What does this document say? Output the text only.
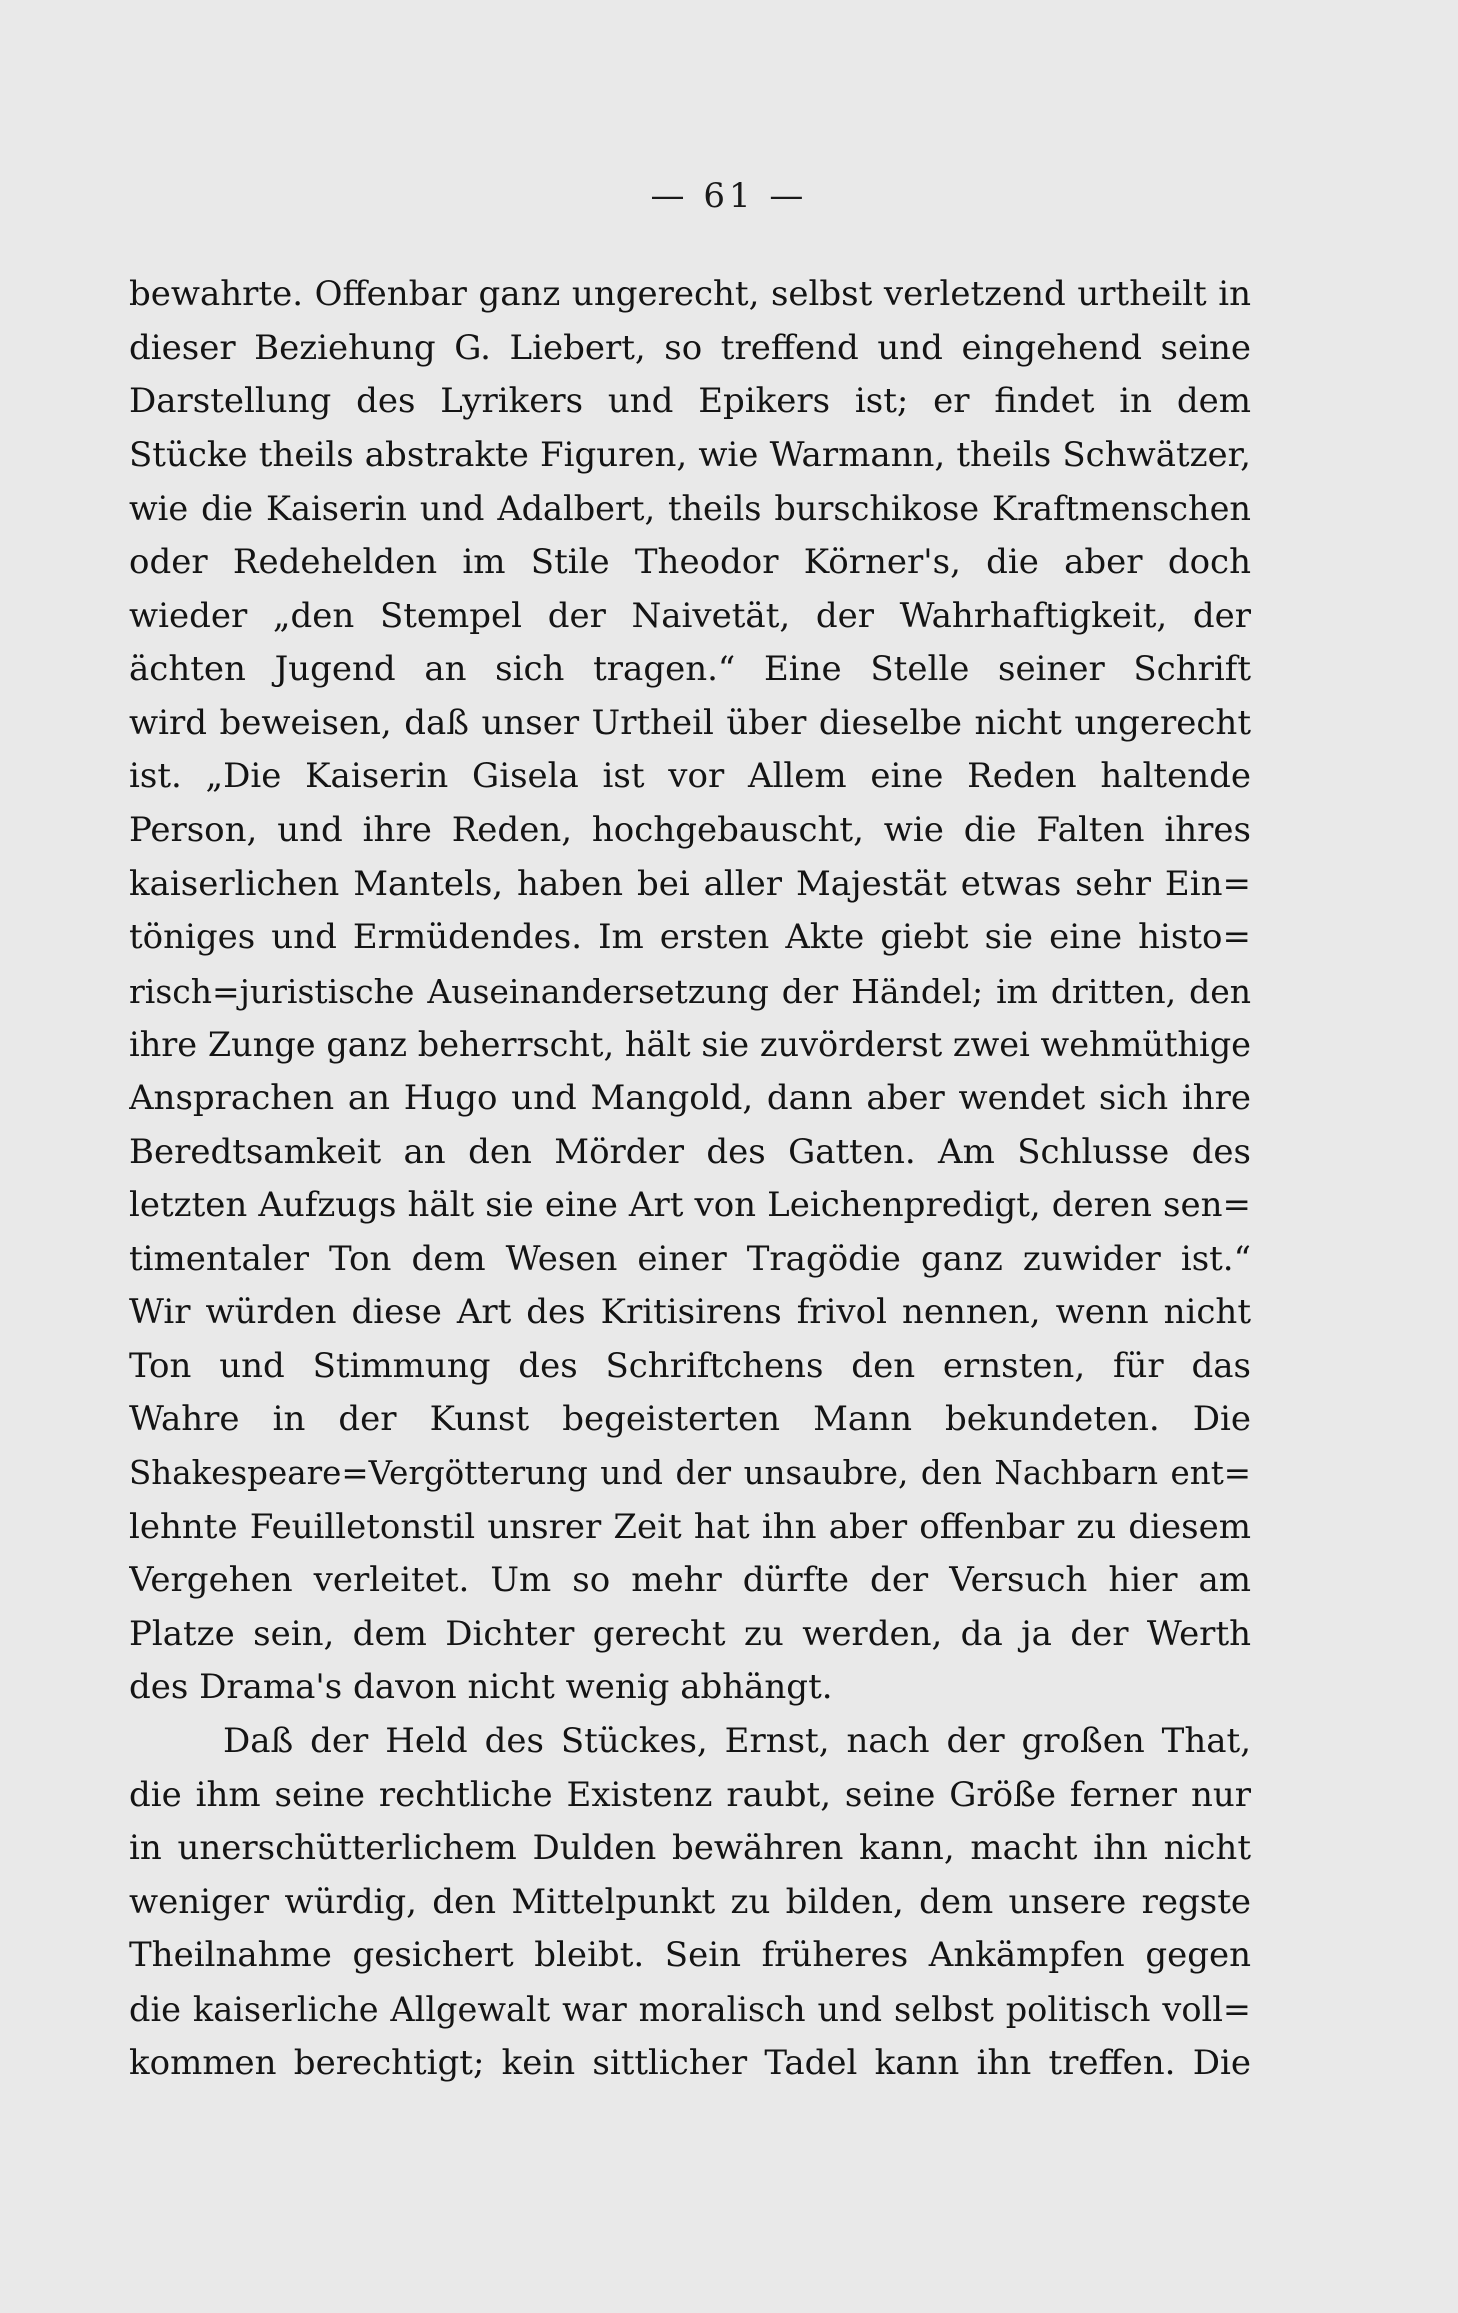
— 61 —
bewahrte. Offenbar ganz ungerecht, selbst verletzend urtheilt in
dieser Beziehung G. Liebert, so treffend und eingehend seine
Darstellung des Lyrikers und Epikers ist; er findet in dem
Stücke theils abstrakte Figuren, wie Warmann, theils Schwätzer,
wie die Kaiserin und Adalbert, theils burschikose Kraftmenschen
oder Redehelden im Stile Theodor Körner's, die aber doch
wieder „den Stempel der Naivetät, der Wahrhaftigkeit, der
ächten Jugend an sich tragen.“ Eine Stelle seiner Schrift
wird beweisen, daß unser Urtheil über dieselbe nicht ungerecht
ist. „Die Kaiserin Gisela ist vor Allem eine Reden haltende
Person, und ihre Reden, hochgebauscht, wie die Falten ihres
kaiserlichen Mantels, haben bei aller Majestät etwas sehr Ein=
töniges und Ermüdendes. Im ersten Akte giebt sie eine histo=
risch=juristische Auseinandersetzung der Händel; im dritten, den
ihre Zunge ganz beherrscht, hält sie zuvörderst zwei wehmüthige
Ansprachen an Hugo und Mangold, dann aber wendet sich ihre
Beredtsamkeit an den Mörder des Gatten. Am Schlusse des
letzten Aufzugs hält sie eine Art von Leichenpredigt, deren sen=
timentaler Ton dem Wesen einer Tragödie ganz zuwider ist.“
Wir würden diese Art des Kritisirens frivol nennen, wenn nicht
Ton und Stimmung des Schriftchens den ernsten, für das
Wahre in der Kunst begeisterten Mann bekundeten. Die
Shakespeare=Vergötterung und der unsaubre, den Nachbarn ent=
lehnte Feuilletonstil unsrer Zeit hat ihn aber offenbar zu diesem
Vergehen verleitet. Um so mehr dürfte der Versuch hier am
Platze sein, dem Dichter gerecht zu werden, da ja der Werth
des Drama's davon nicht wenig abhängt.
Daß der Held des Stückes, Ernst, nach der großen That,
die ihm seine rechtliche Existenz raubt, seine Größe ferner nur
in unerschütterlichem Dulden bewähren kann, macht ihn nicht
weniger würdig, den Mittelpunkt zu bilden, dem unsere regste
Theilnahme gesichert bleibt. Sein früheres Ankämpfen gegen
die kaiserliche Allgewalt war moralisch und selbst politisch voll=
kommen berechtigt; kein sittlicher Tadel kann ihn treffen. Die
